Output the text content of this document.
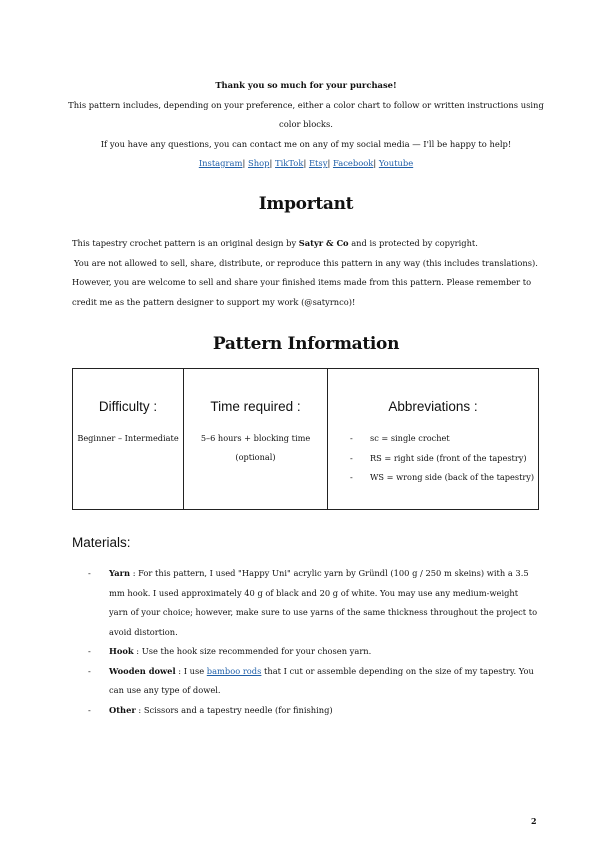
Thank you so much for your purchase!
This pattern includes, depending on your preference, either a color chart to follow or written instructions using color blocks.
If you have any questions, you can contact me on any of my social media — I'll be happy to help!
Instagram| Shop| TikTok| Etsy| Facebook| Youtube
Important

This tapestry crochet pattern is an original design by Satyr & Co and is protected by copyright.

You are not allowed to sell, share, distribute, or reproduce this pattern in any way (this includes translations).

However, you are welcome to sell and share your finished items made from this pattern. Please remember to credit me as the pattern designer to support my work (@satyrnco)!

Pattern Information
Difficulty :
Beginner – Intermediate

Time required :
5–6 hours + blocking time
(optional)

Abbreviations :
- sc = single crochet
- RS = right side (front of the tapestry)
- WS = wrong side (back of the tapestry)
Materials:
- Yarn : For this pattern, I used "Happy Uni" acrylic yarn by Gründl (100 g / 250 m skeins) with a 3.5 mm hook. I used approximately 40 g of black and 20 g of white. You may use any medium-weight yarn of your choice; however, make sure to use yarns of the same thickness throughout the project to avoid distortion.
- Hook : Use the hook size recommended for your chosen yarn.
- Wooden dowel : I use bamboo rods that I cut or assemble depending on the size of my tapestry. You can use any type of dowel.
- Other : Scissors and a tapestry needle (for finishing)
2
